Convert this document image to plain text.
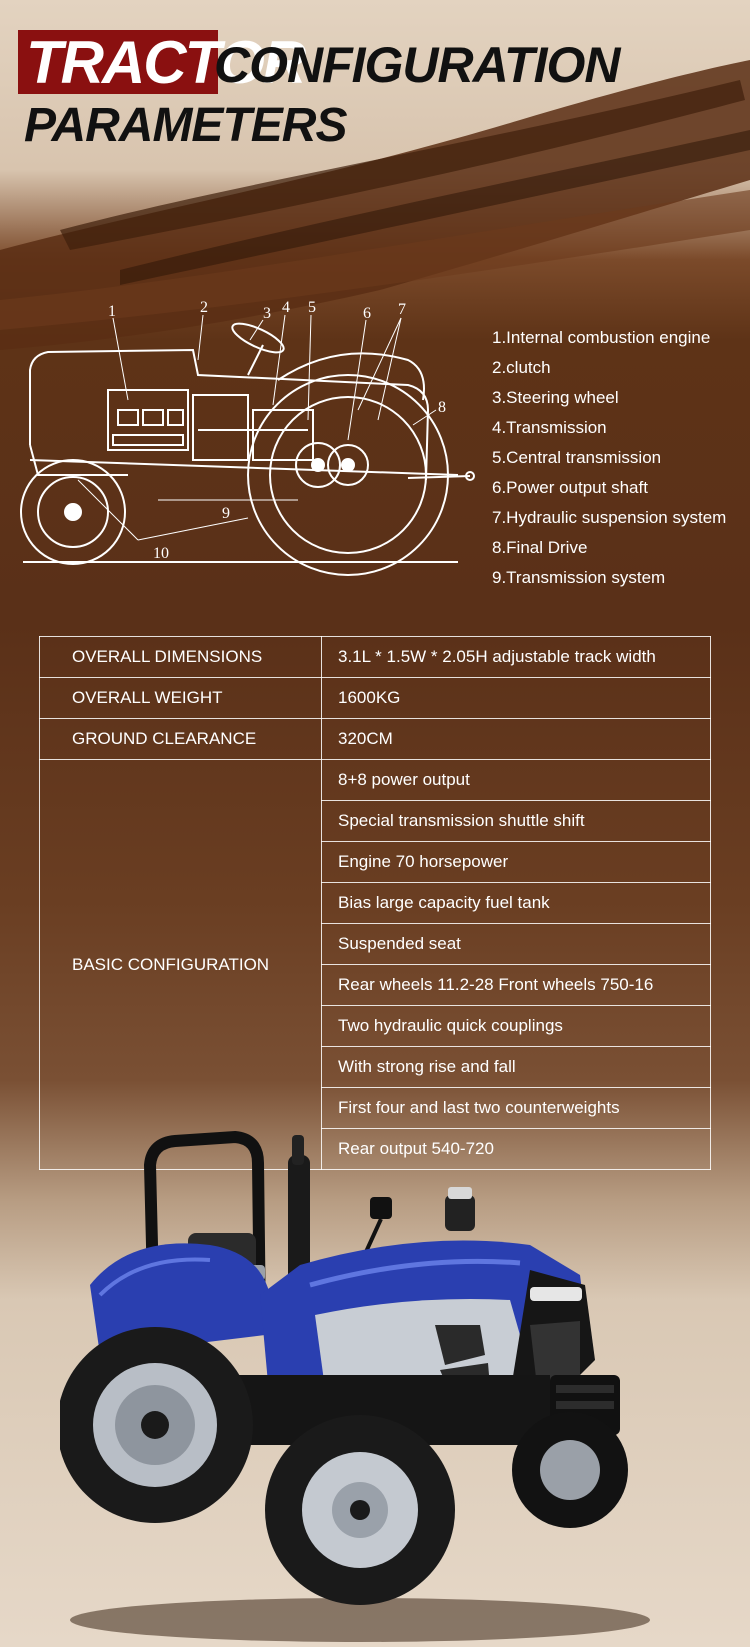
TRACTOR
CONFIGURATION
PARAMETERS
1	2	3 4 5	6 7
8
9
10
1.Internal combustion engine
2.clutch
3.Steering wheel
4.Transmission
5.Central transmission
6.Power output shaft
7.Hydraulic suspension system
8.Final Drive
9.Transmission system
OVERALL DIMENSIONS	3.1L * 1.5W * 2.05H adjustable track width
OVERALL WEIGHT	1600KG
GROUND CLEARANCE	320CM
BASIC CONFIGURATION	8+8 power output
	Special transmission shuttle shift
	Engine 70 horsepower
	Bias large capacity fuel tank
	Suspended seat
	Rear wheels 11.2-28 Front wheels 750-16
	Two hydraulic quick couplings
	With strong rise and fall
	First four and last two counterweights
	Rear output 540-720
